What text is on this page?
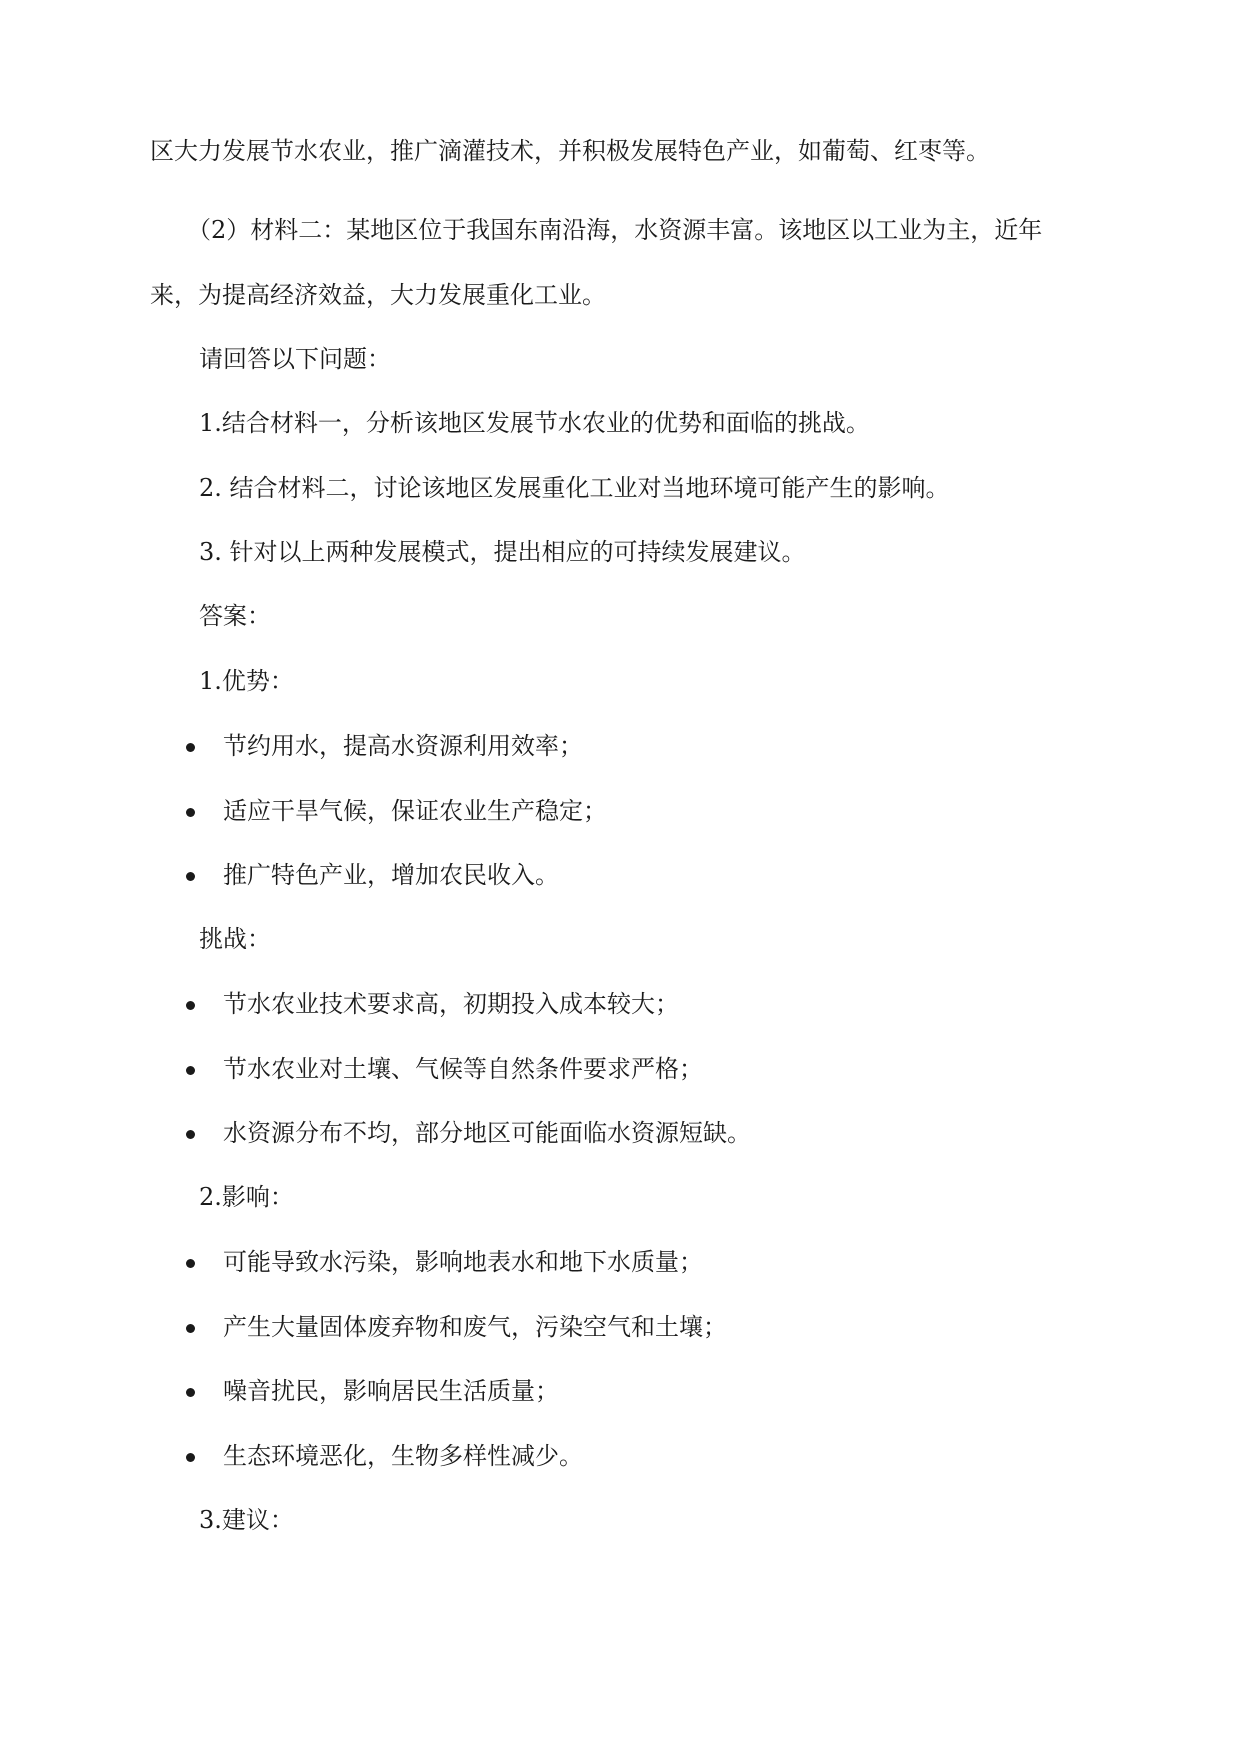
区大力发展节水农业，推广滴灌技术，并积极发展特色产业，如葡萄、红枣等。
（2）材料二：某地区位于我国东南沿海，水资源丰富。该地区以工业为主，近年
来，为提高经济效益，大力发展重化工业。
请回答以下问题：
1.结合材料一，分析该地区发展节水农业的优势和面临的挑战。
2. 结合材料二，讨论该地区发展重化工业对当地环境可能产生的影响。
3. 针对以上两种发展模式，提出相应的可持续发展建议。
答案：
1.优势：
节约用水，提高水资源利用效率；
适应干旱气候，保证农业生产稳定；
推广特色产业，增加农民收入。
挑战：
节水农业技术要求高，初期投入成本较大；
节水农业对土壤、气候等自然条件要求严格；
水资源分布不均，部分地区可能面临水资源短缺。
2.影响：
可能导致水污染，影响地表水和地下水质量；
产生大量固体废弃物和废气，污染空气和土壤；
噪音扰民，影响居民生活质量；
生态环境恶化，生物多样性减少。
3.建议：
